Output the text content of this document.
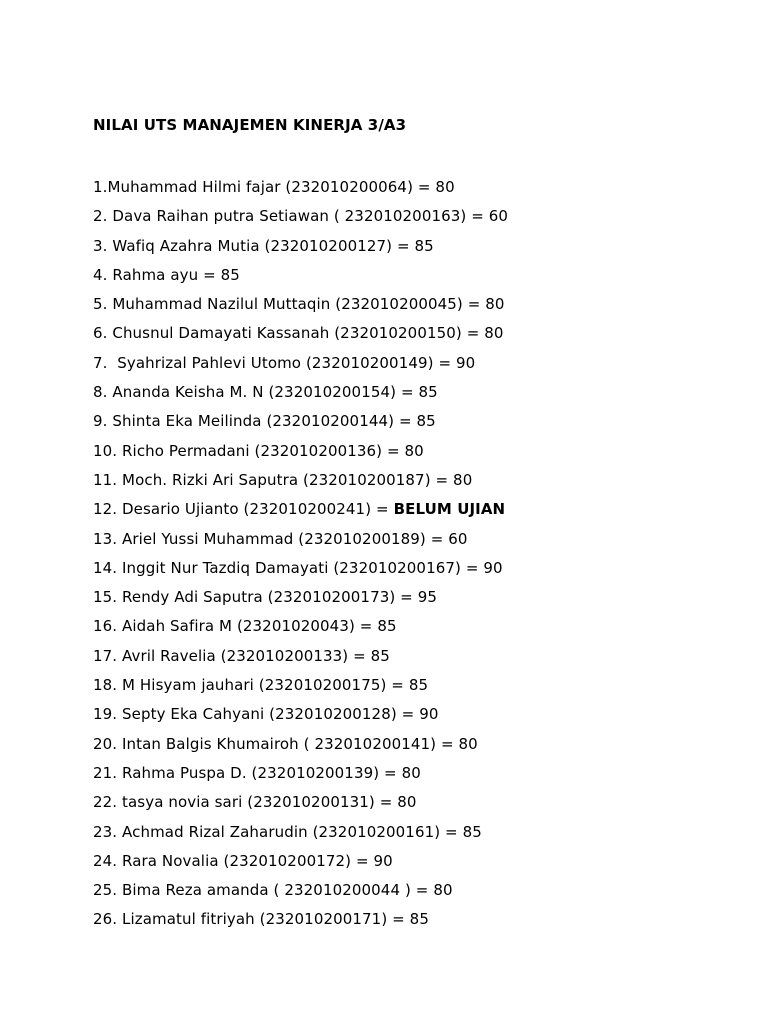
NILAI UTS MANAJEMEN KINERJA 3/A3
1.Muhammad Hilmi fajar (232010200064) = 80
2. Dava Raihan putra Setiawan ( 232010200163) = 60
3. Wafiq Azahra Mutia (232010200127) = 85
4. Rahma ayu = 85
5. Muhammad Nazilul Muttaqin (232010200045) = 80
6. Chusnul Damayati Kassanah (232010200150) = 80
7.  Syahrizal Pahlevi Utomo (232010200149) = 90
8. Ananda Keisha M. N (232010200154) = 85
9. Shinta Eka Meilinda (232010200144) = 85
10. Richo Permadani (232010200136) = 80
11. Moch. Rizki Ari Saputra (232010200187) = 80
12. Desario Ujianto (232010200241) = BELUM UJIAN
13. Ariel Yussi Muhammad (232010200189) = 60
14. Inggit Nur Tazdiq Damayati (232010200167) = 90
15. Rendy Adi Saputra (232010200173) = 95
16. Aidah Safira M (23201020043) = 85
17. Avril Ravelia (232010200133) = 85
18. M Hisyam jauhari (232010200175) = 85
19. Septy Eka Cahyani (232010200128) = 90
20. Intan Balgis Khumairoh ( 232010200141) = 80
21. Rahma Puspa D. (232010200139) = 80
22. tasya novia sari (232010200131) = 80
23. Achmad Rizal Zaharudin (232010200161) = 85
24. Rara Novalia (232010200172) = 90
25. Bima Reza amanda ( 232010200044 ) = 80
26. Lizamatul fitriyah (232010200171) = 85
